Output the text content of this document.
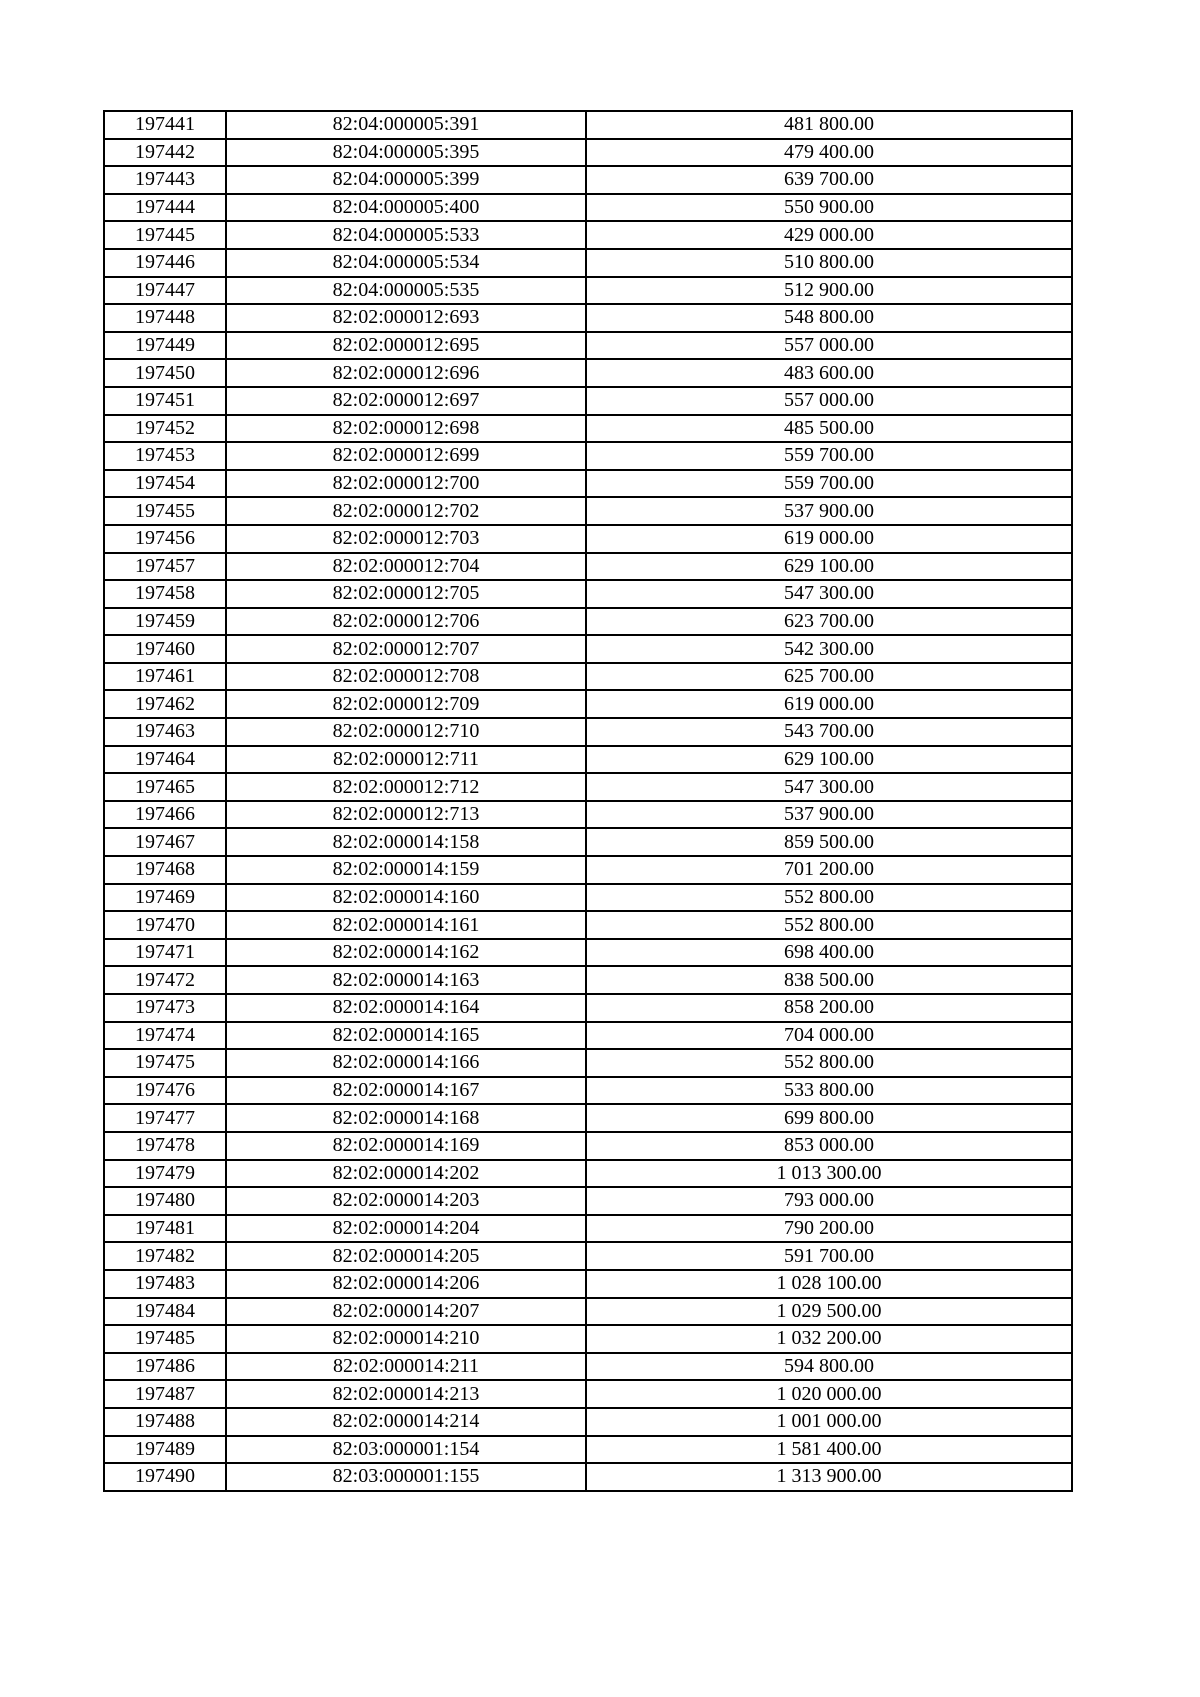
197441	82:04:000005:391	481 800.00
197442	82:04:000005:395	479 400.00
197443	82:04:000005:399	639 700.00
197444	82:04:000005:400	550 900.00
197445	82:04:000005:533	429 000.00
197446	82:04:000005:534	510 800.00
197447	82:04:000005:535	512 900.00
197448	82:02:000012:693	548 800.00
197449	82:02:000012:695	557 000.00
197450	82:02:000012:696	483 600.00
197451	82:02:000012:697	557 000.00
197452	82:02:000012:698	485 500.00
197453	82:02:000012:699	559 700.00
197454	82:02:000012:700	559 700.00
197455	82:02:000012:702	537 900.00
197456	82:02:000012:703	619 000.00
197457	82:02:000012:704	629 100.00
197458	82:02:000012:705	547 300.00
197459	82:02:000012:706	623 700.00
197460	82:02:000012:707	542 300.00
197461	82:02:000012:708	625 700.00
197462	82:02:000012:709	619 000.00
197463	82:02:000012:710	543 700.00
197464	82:02:000012:711	629 100.00
197465	82:02:000012:712	547 300.00
197466	82:02:000012:713	537 900.00
197467	82:02:000014:158	859 500.00
197468	82:02:000014:159	701 200.00
197469	82:02:000014:160	552 800.00
197470	82:02:000014:161	552 800.00
197471	82:02:000014:162	698 400.00
197472	82:02:000014:163	838 500.00
197473	82:02:000014:164	858 200.00
197474	82:02:000014:165	704 000.00
197475	82:02:000014:166	552 800.00
197476	82:02:000014:167	533 800.00
197477	82:02:000014:168	699 800.00
197478	82:02:000014:169	853 000.00
197479	82:02:000014:202	1 013 300.00
197480	82:02:000014:203	793 000.00
197481	82:02:000014:204	790 200.00
197482	82:02:000014:205	591 700.00
197483	82:02:000014:206	1 028 100.00
197484	82:02:000014:207	1 029 500.00
197485	82:02:000014:210	1 032 200.00
197486	82:02:000014:211	594 800.00
197487	82:02:000014:213	1 020 000.00
197488	82:02:000014:214	1 001 000.00
197489	82:03:000001:154	1 581 400.00
197490	82:03:000001:155	1 313 900.00
